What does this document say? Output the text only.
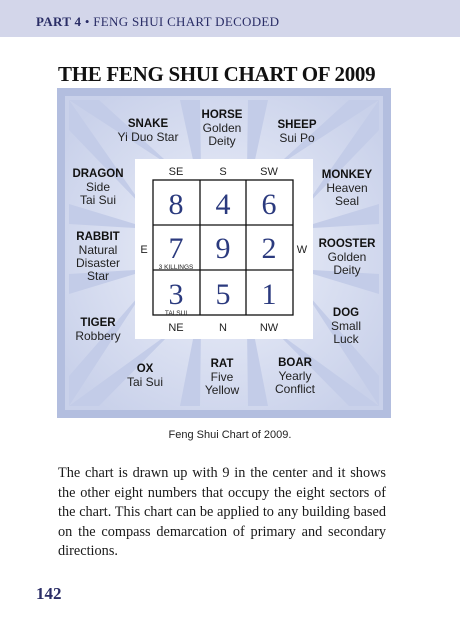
PART 4 • FENG SHUI CHART DECODED
THE FENG SHUI CHART OF 2009
SNAKE
Yi Duo Star
HORSE
Golden
Deity
SHEEP
Sui Po
DRAGON
Side
Tai Sui
MONKEY
Heaven
Seal
RABBIT
Natural
Disaster
Star
ROOSTER
Golden
Deity
TIGER
Robbery
DOG
Small
Luck
OX
Tai Sui
RAT
Five
Yellow
BOAR
Yearly
Conflict
SE	S	SW
E	W
NE	N	NW
8 4 6
7 9 2
3 5 1
3 KILLINGS
TAI SUI
Feng Shui Chart of 2009.
The chart is drawn up with 9 in the center and it shows the other eight numbers that occupy the eight sectors of the chart. This chart can be applied to any building based on the compass demarcation of primary and secondary directions.
142
